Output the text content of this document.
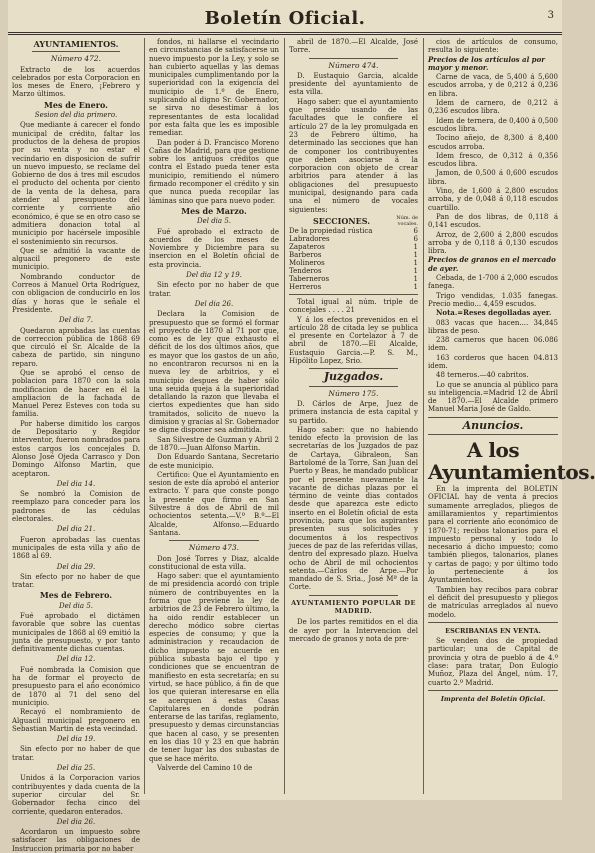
Boletín Oficial.	3
AYUNTAMIENTOS.
Número 472.

Extracto de los acuerdos celebrados por esta Corporacion en los meses de Enero, ¡Febrero y Marzo últimos.

Mes de Enero.
Sesion del dia primero.

Que mediante á carecer el fondo municipal de crédito, faltar los productos de la dehesa de propios por su venta y no estar el vecindario en disposicion de sufrir un nuevo impuesto, se reclame del Gobierno de dos á tres mil escudos el producto del ochenta por ciento de la venta de la dehesa, para atender al presupuesto del corriente y corriente año económico, é que se en otro caso se admitiera donacion total al municipio por hacérsele imposible el sostenimiento sin recursos.

Que se admitió la vacante de alguacil pregonero de este municipio.

Nombrando conductor de Correos á Manuel Orta Rodríguez, con obligacion de conducirlo en los días y horas que le señale el Presidente.

Del dia 7.

Quedaron aprobadas las cuentas de correccion pública de 1868 69 que circuló el Sr. Alcalde de la cabeza de partido, sin ninguno reparo.

Que se aprobó el censo de poblacion para 1870 con la sola modificacion de hacer en él la ampliacion de la fachada de Manuel Perez Esteves con toda su familia.

Por haberse dimitido los cargos de Depositario y Regidor interventor, fueron nombrados para estos cargos los concejales D. Alonso José Ojeda Carrasco y Don Domingo Alfonso Martin, que aceptaron.

Del dia 14.

Se nombró la Comision de reemplazo para conceder para los padrones de las cédulas electorales.

Del dia 21.

Fueron aprobadas las cuentas municipales de esta villa y año de 1868 al 69.

Del dia 29.

Sin efecto por no haber de que tratar.

Mes de Febrero.
Del dia 5.

Fué aprobado el dictámen favorable que sobre las cuentas municipales de 1868 al 69 emitió la junta de presupuesto, y por tanto definitivamente dichas cuentas.

Del dia 12.

Fué nombrada la Comision que ha de formar el proyecto de presupuesto para el año económico de 1870 al 71 del seno del municipio.

Recayó el nombramiento de Alguacil municipal pregonero en Sebastian Martin de esta vecindad.

Del dia 19.

Sin efecto por no haber de que tratar.

Del dia 25.

Unidos á la Corporacion varios contribuyentes y dada cuenta de la superior circular del Sr. Gobernador fecha cinco del corriente, quedaron enterados.

Del dia 26.

Acordaron un impuesto sobre satisfacer las obligaciones de Instruccion primaria por no haber

fondos, ni hallarse el vecindario en circunstancias de satisfacerse un nuevo impuesto por la Ley, y solo se han cubierto aquellas y las demas municipales cumplimentando por la superioridad con la exigencia del municipio de 1.º de Enero, suplicando al digno Sr. Gobernador, se sirva no desestimar á los representantes de esta localidad por esta falta que les es imposible remediar.

Dan poder á D. Francisco Moreno Cañas de Madrid, para que gestione sobre los antiguos créditos que contra el Estado pueda tener esta municipio, remitiendo el número firmado recomponer el crédito y sin que nunca pueda recopilar las láminas sino que para nuevo poder.

Mes de Marzo.
Del dia 5.

Fué aprobado el extracto de acuerdos de los meses de Noviembre y Diciembre para su insercion en el Boletín oficial de esta provincia.

Del dia 12 y 19.

Sin efecto por no haber de que tratar.

Del dia 26.

Declara la Comision de presupuesto que se formó el formar el proyecto de 1870 al 71 por que, como es de ley que exhausto el déficit de los dos últimos años, que es mayor que los gastos de un año, no encontraron recursos ni en la nueva ley de arbitrios, y el municipio despues de haber sólo una seuida queja á la superioridad detallando la razon que llevaba el ciertos expedientes que han sido tramitados, solicito de nuevo la dimision y gracias al Sr. Gobernador se digne disponer sea admitida.

San Silvestre de Guzman y Abril 2 de 1870.—Juan Alfonso Martin.

Don Eduardo Santana, Secretario de este municipio.

Certifico: Que el Ayuntamiento en sesion de este día aprobó el anterior extracto. Y para que conste pongo la presente que firmo en San Silvestre á dos de Abril de mil ochocientos setenta.—V.º B.º—El Alcalde, Alfonso.—Eduardo Santana.

Número 473.

Don José Torres y Diaz, alcalde constitucional de esta villa.

Hago saber: que el ayuntamiento de mi presidencia acordó con triple número de contribuyentes en la forma que previene la ley de arbitrios de 23 de Febrero último, la ha oido rendir establecer un derecho módico sobre ciertas especies de consumo; y que la administracion y recaudacion de dicho impuesto se acuerde en pública subasta bajo el tipo y condiciones que se encuentran de manifiesto en esta secretaría; en su virtud, se hace público, á fin de que los que quieran interesarse en ella se acerquen á estas Casas Capitulares en donde podrán enterarse de las tarifas, reglamento, presupuesto y demas circunstancias que hacen al caso, y se presenten en los dias 10 y 23 en que habrán de tener lugar las dos subastas de que se hace mérito.

Valverde del Camino 10 de

abril de 1870.—El Alcalde, José Torre.

Número 474.

D. Eustaquio Garcia, alcalde presidente del ayuntamiento de esta villa.

Hago saber: que el ayuntamiento que presido usando de las facultades que le confiere el artículo 27 de la ley promulgada en 23 de Febrero último, ha determinado las secciones que han de componer los contribuyentes que deben asociarse á la corporacion con objeto de crear arbitrios para atender á las obligaciones del presupuesto municipal, designando para cada una el número de vocales siguientes:

SECCIONES.	Núm. de vocales.
De la propiedad rústica	6
Labradores	6
Zapateros	1
Barberos	1
Molineros	1
Tenderos	1
Taberneros	1
Herreros	1

Total igual al núm. triple de concejales . . . . 21

Y á los efectos prevenidos en el artículo 28 de citada ley se publica el presente en Cortelazor á 7 de abril de 1870.—El Alcalde, Eustaquio Garcia.—P. S. M., Hipólito Lopez, Srio.

Juzgados.
Número 175.

D. Cárlos de Arpe, Juez de primera instancia de esta capital y su partido.

Hago saber: que no habiendo tenido efecto la provision de las secretarías de los Juzgados de paz de Cartaya, Gibraleon, San Bartolomé de la Torre, San Juan del Puerto y Beas, he mandado publicar por el presente nuevamente la vacante de dichas plazas por el término de veinte dias contados desde que aparezca este edicto inserto en el Boletín oficial de esta provincia, para que los aspirantes presenten sus solicitudes y documentos á los respectivos jueces de paz de las referidas villas, dentro del expresado plazo. Huelva ocho de Abril de mil ochocientos setenta.—Cárlos de Arpe.—Por mandado de S. Sria., José Mª de la Corte.

AYUNTAMIENTO POPULAR DE MADRID.

De los partes remitidos en el dia de ayer por la Intervencion del mercado de granos y nota de pre-

cios de artículos de consumo, resulta lo siguiente:

Precios de los artículos al por mayor y menor.

Carne de vaca, de 5,400 á 5,600 escudos arroba, y de 0,212 á 0,236 en libra.

Idem de carnero, de 0,212 á 0,236 escudos libra.

Idem de ternera, de 0,400 á 0,500 escudos libra.

Tocino añejo, de 8,300 á 8,400 escudos arroba.

Idem fresco, de 0,312 á 0,356 escudos libra.

Jamon, de 0,500 á 0,600 escudos libra.

Vino, de 1,600 á 2,800 escudos arroba, y de 0,048 á 0,118 escudos cuartillo.

Pan de dos libras, de 0,118 á 0,141 escudos.

Arroz, de 2,600 á 2,800 escudos arroba y de 0,118 á 0,130 escudos libra.

Precios de granos en el mercado de ayer.

Cebada, de 1-700 á 2,000 escudos fanega.

Trigo vendidas, 1.035 fanegas. Precio medio... 4,459 escudos.

Nota.=Reses degolladas ayer.

083 vacas que hacen.... 34,845 libras de peso.

238 carneros que hacen 06.086 idem.

163 corderos que hacen 04.813 idem.

48 terneros.—40 cabritos.

Lo que se anuncia al público para su inteligencia.=Madrid 12 de Abril de 1870.—El Alcalde primero Manuel Maria José de Galdo.

Anuncios.
A los Ayuntamientos.

En la imprenta del BOLETIN OFICIAL hay de venta á precios sumamente arreglados, pliegos de amillaramientos y repartimientos para el corriente año económico de 1870-71; recibos talonarios para el impuesto personal y todo lo necesario á dicho impuesto; como también pliegos, talonarios, planes y cartas de pago; y por último todo lo perteneciente á los Ayuntamientos.

Tambien hay recibos para cobrar el déficit del presupuesto y pliegos de matrículas arreglados al nuevo modelo.

ESCRIBANIAS EN VENTA.

Se venden dos de propiedad particular; una de Capital de provincia y otra de pueblo á de 4.º clase: para tratar, Don Eulogio Muñoz, Plaza del Ángel, núm. 17, cuarto 2.º Madrid.

Imprenta del Boletín Oficial.
